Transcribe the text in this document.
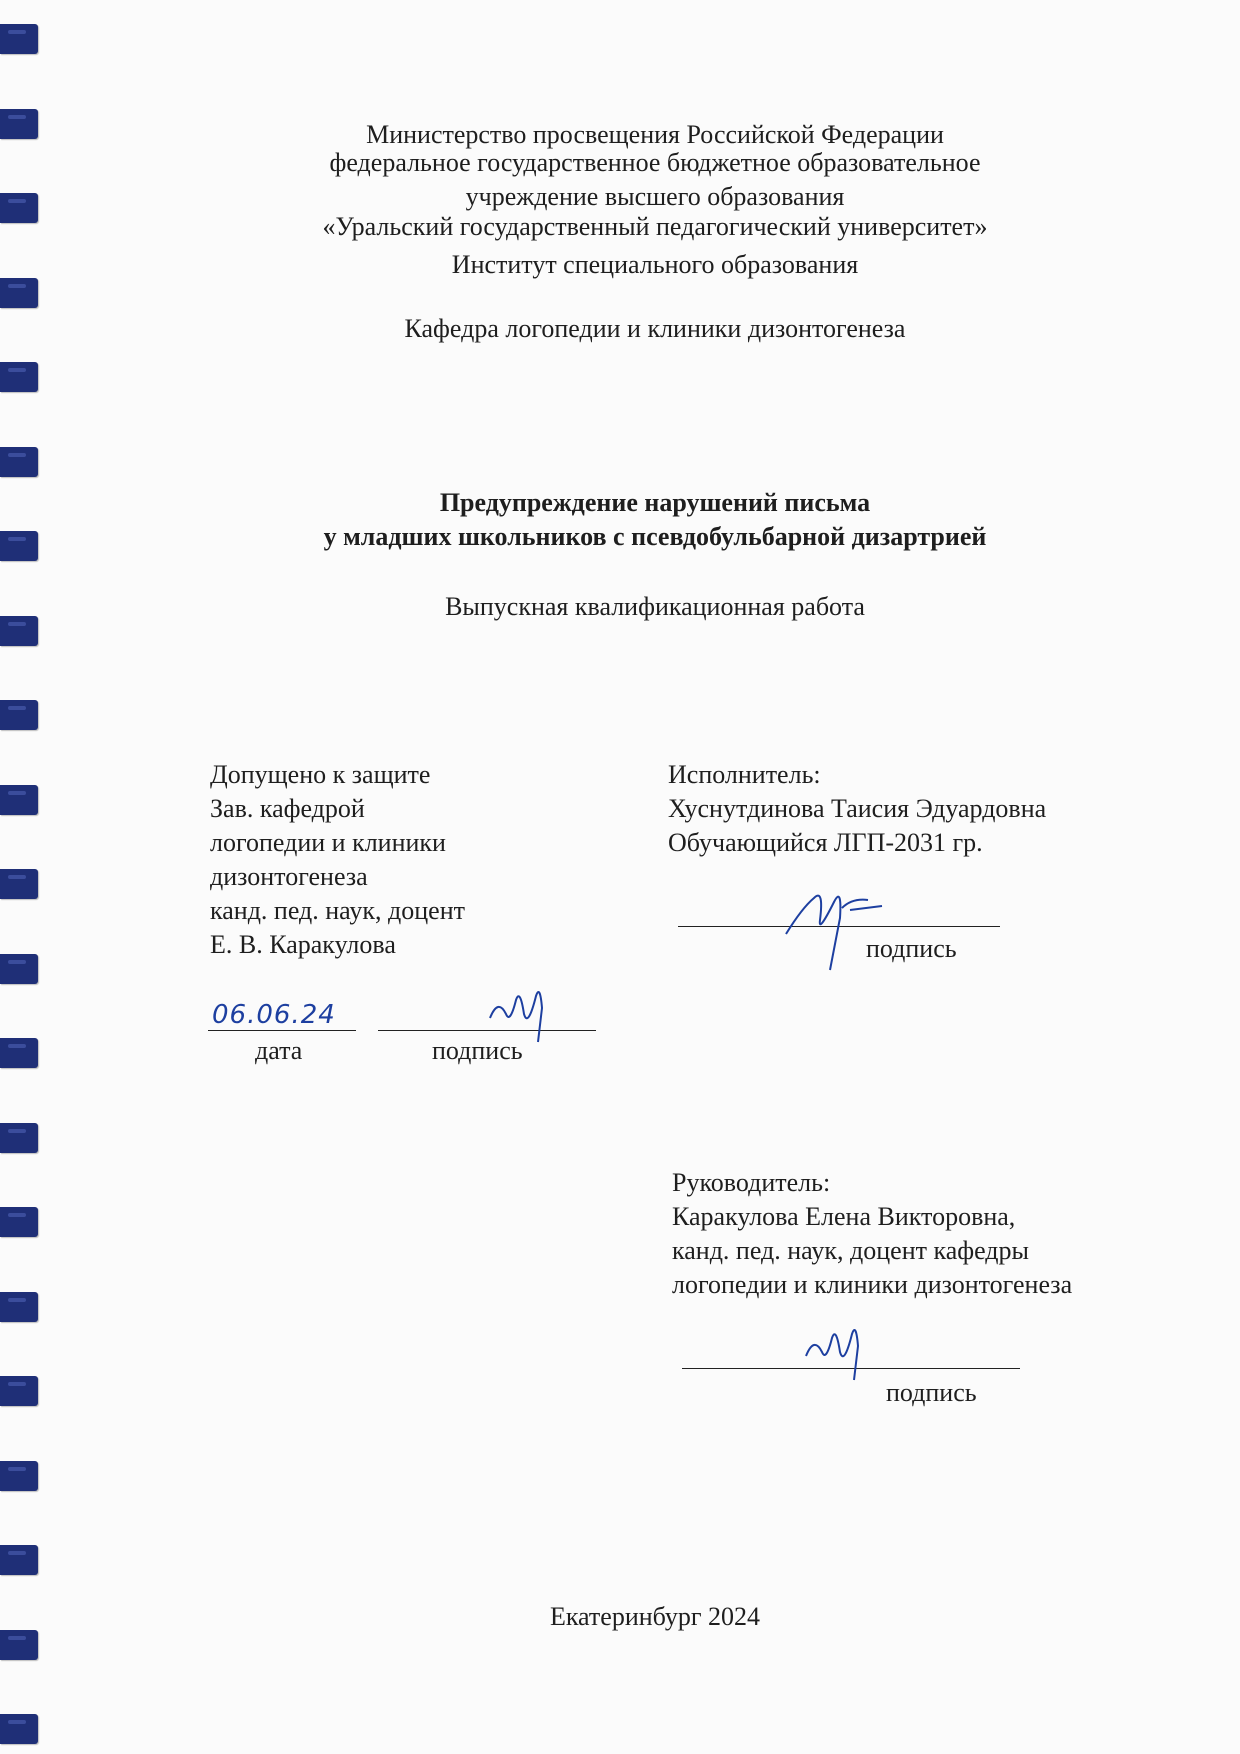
Министерство просвещения Российской Федерации
федеральное государственное бюджетное образовательное
учреждение высшего образования
«Уральский государственный педагогический университет»
Институт специального образования
Кафедра логопедии и клиники дизонтогенеза
Предупреждение нарушений письма
у младших школьников с псевдобульбарной дизартрией
Выпускная квалификационная работа
Допущено к защите
Зав. кафедрой
логопедии и клиники
дизонтогенеза
канд. пед. наук, доцент
Е. В. Каракулова
06.06.24
дата	подпись
Исполнитель:
Хуснутдинова Таисия Эдуардовна
Обучающийся ЛГП-2031 гр.
подпись
Руководитель:
Каракулова Елена Викторовна,
канд. пед. наук, доцент кафедры
логопедии и клиники дизонтогенеза
подпись
Екатеринбург 2024
